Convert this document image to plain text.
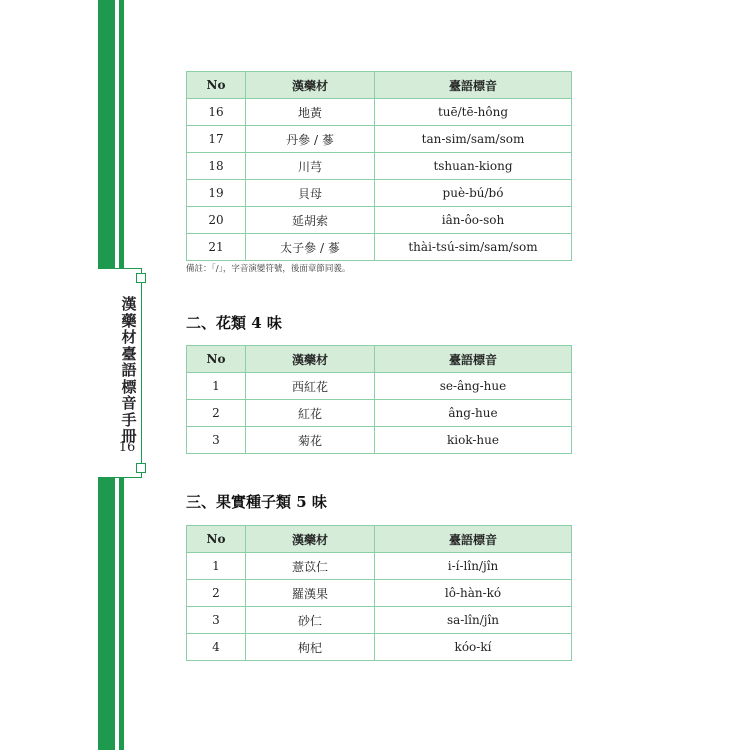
漢藥材臺語標音手冊
16
No	漢藥材	臺語標音
16	地黃	tuē/tē-hông
17	丹參 / 蔘	tan-sim/sam/som
18	川芎	tshuan-kiong
19	貝母	puè-bú/bó
20	延胡索	iân-ôo-soh
21	太子參 / 蔘	thài-tsú-sim/sam/som
備註：「/」，字音演變符號，後面章節同義。
二、花類 4 味
No	漢藥材	臺語標音
1	西紅花	se-âng-hue
2	紅花	âng-hue
3	菊花	kiok-hue
三、果實種子類 5 味
No	漢藥材	臺語標音
1	薏苡仁	i-í-lîn/jîn
2	羅漢果	lô-hàn-kó
3	砂仁	sa-lîn/jîn
4	枸杞	kóo-kí
